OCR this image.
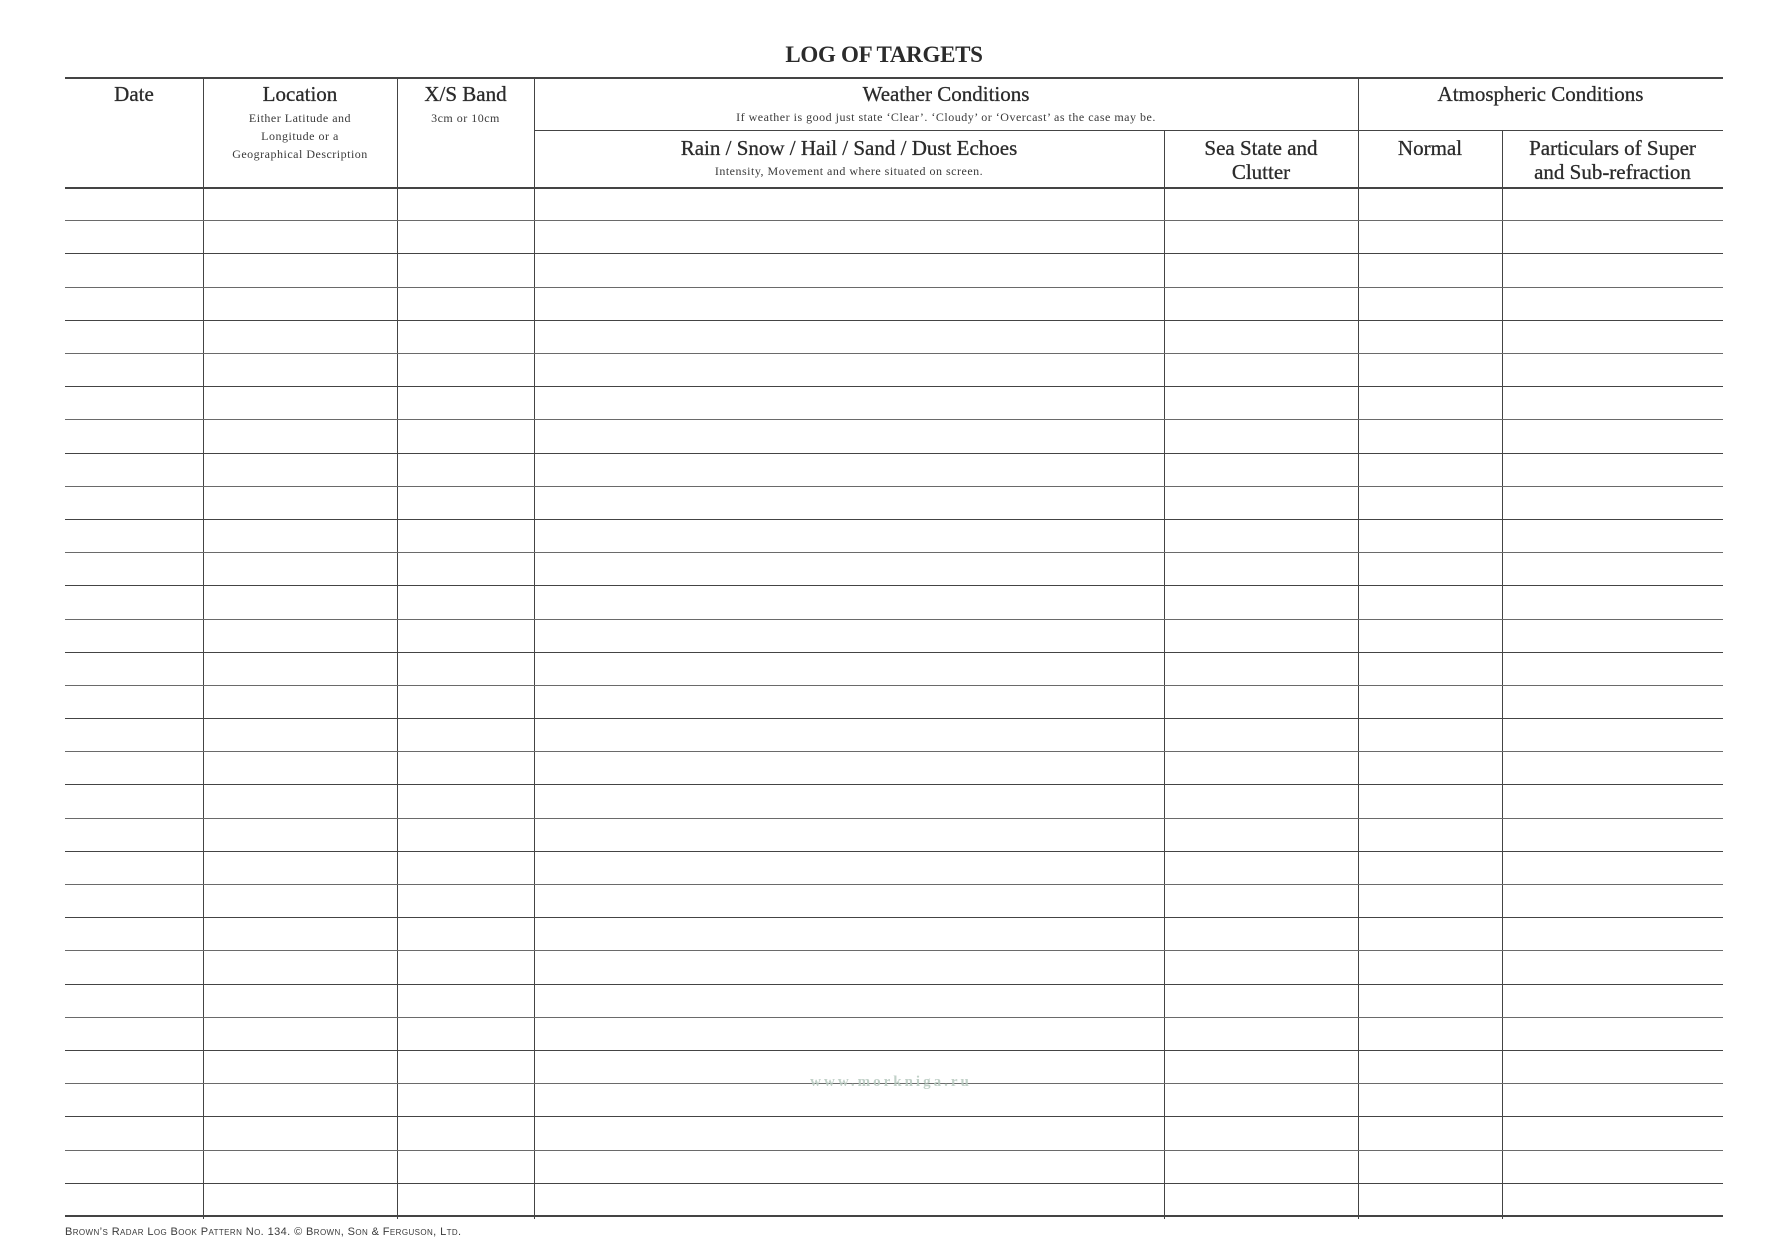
LOG OF TARGETS
Date	Location
Either Latitude and
Longitude or a
Geographical Description
X/S Band
3cm or 10cm
Weather Conditions
If weather is good just state ‘Clear’. ‘Cloudy’ or ‘Overcast’ as the case may be.
Atmospheric Conditions
Rain / Snow / Hail / Sand / Dust Echoes
Intensity, Movement and where situated on screen.
Sea State and
Clutter
Normal	Particulars of Super
and Sub-refraction
www.morkniga.ru
Brown’s Radar Log Book Pattern No. 134. © Brown, Son & Ferguson, Ltd.
